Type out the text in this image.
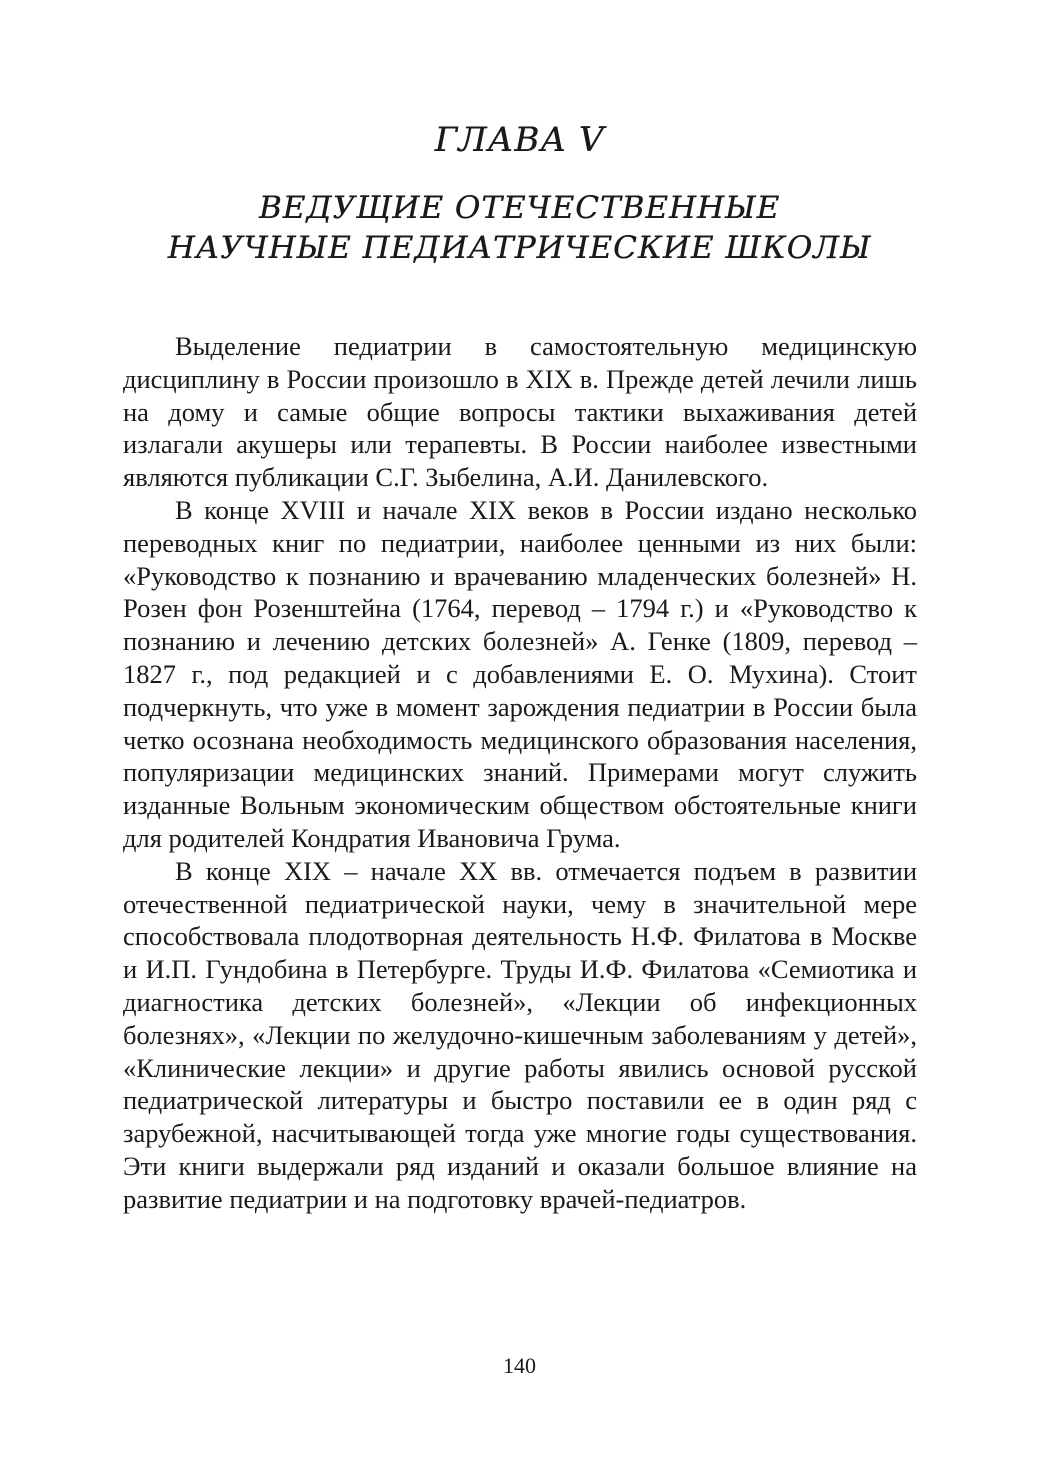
ГЛАВА V
ВЕДУЩИЕ ОТЕЧЕСТВЕННЫЕ
НАУЧНЫЕ ПЕДИАТРИЧЕСКИЕ ШКОЛЫ

Выделение педиатрии в самостоятельную медицинскую дисциплину в России произошло в XIX в. Прежде детей лечили лишь на дому и самые общие вопросы тактики выхаживания детей излагали акушеры или терапевты. В России наиболее известными являются публикации С.Г. Зыбелина, А.И. Данилевского.

В конце XVIII и начале XIX веков в России издано несколько переводных книг по педиатрии, наиболее ценными из них были: «Руководство к познанию и врачеванию младенческих болезней» Н. Розен фон Розенштейна (1764, перевод – 1794 г.) и «Руководство к познанию и лечению детских болезней» А. Генке (1809, перевод – 1827 г., под редакцией и с добавлениями Е. О. Мухина). Стоит подчеркнуть, что уже в момент зарождения педиатрии в России была четко осознана необходимость медицинского образования населения, популяризации медицинских знаний. Примерами могут служить изданные Вольным экономическим обществом обстоятельные книги для родителей Кондратия Ивановича Грума.

В конце XIX – начале XX вв. отмечается подъем в развитии отечественной педиатрической науки, чему в значительной мере способствовала плодотворная деятельность Н.Ф. Филатова в Москве и И.П. Гундобина в Петербурге. Труды И.Ф. Филатова «Семиотика и диагностика детских болезней», «Лекции об инфекционных болезнях», «Лекции по желудочно-кишечным заболеваниям у детей», «Клинические лекции» и другие работы явились основой русской педиатрической литературы и быстро поставили ее в один ряд с зарубежной, насчитывающей тогда уже многие годы существования. Эти книги выдержали ряд изданий и оказали большое влияние на развитие педиатрии и на подготовку врачей-педиатров.

140
